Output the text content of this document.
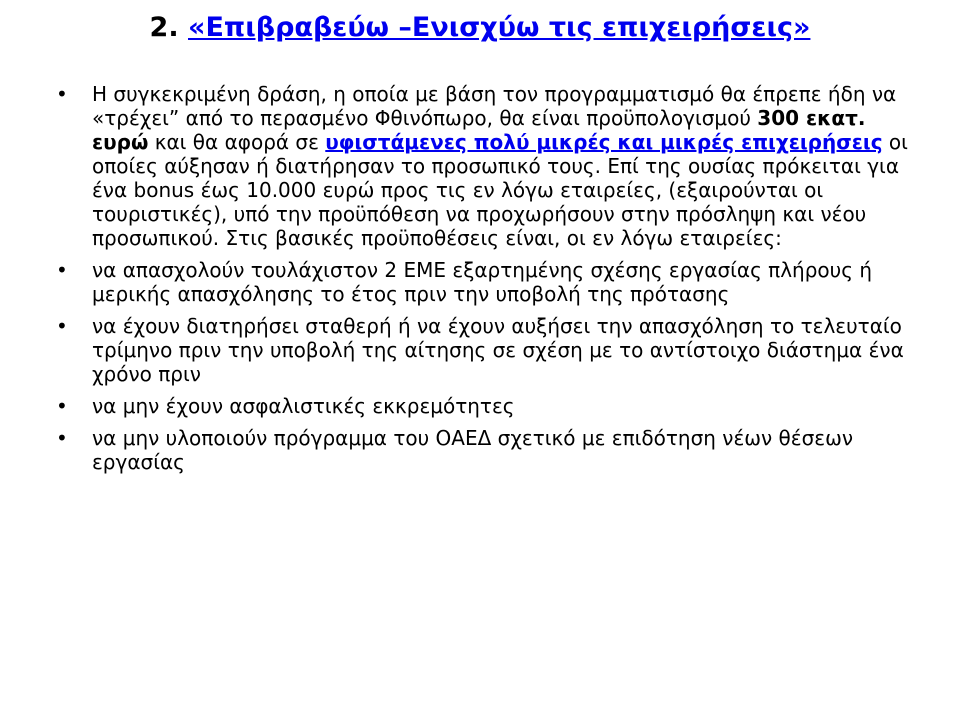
2. «Επιβραβεύω –Ενισχύω τις επιχειρήσεις»
• Η συγκεκριμένη δράση, η οποία με βάση τον προγραμματισμό θα έπρεπε ήδη να «τρέχει” από το περασμένο Φθινόπωρο, θα είναι προϋπολογισμού 300 εκατ. ευρώ και θα αφορά σε υφιστάμενες πολύ μικρές και μικρές επιχειρήσεις οι οποίες αύξησαν ή διατήρησαν το προσωπικό τους. Επί της ουσίας πρόκειται για ένα bonus έως 10.000 ευρώ προς τις εν λόγω εταιρείες, (εξαιρούνται οι τουριστικές), υπό την προϋπόθεση να προχωρήσουν στην πρόσληψη και νέου προσωπικού. Στις βασικές προϋποθέσεις είναι, οι εν λόγω εταιρείες:
• να απασχολούν τουλάχιστον 2 ΕΜΕ εξαρτημένης σχέσης εργασίας πλήρους ή μερικής απασχόλησης το έτος πριν την υποβολή της πρότασης
• να έχουν διατηρήσει σταθερή ή να έχουν αυξήσει την απασχόληση το τελευταίο τρίμηνο πριν την υποβολή της αίτησης σε σχέση με το αντίστοιχο διάστημα ένα χρόνο πριν
• να μην έχουν ασφαλιστικές εκκρεμότητες
• να μην υλοποιούν πρόγραμμα του ΟΑΕΔ σχετικό με επιδότηση νέων θέσεων εργασίας
